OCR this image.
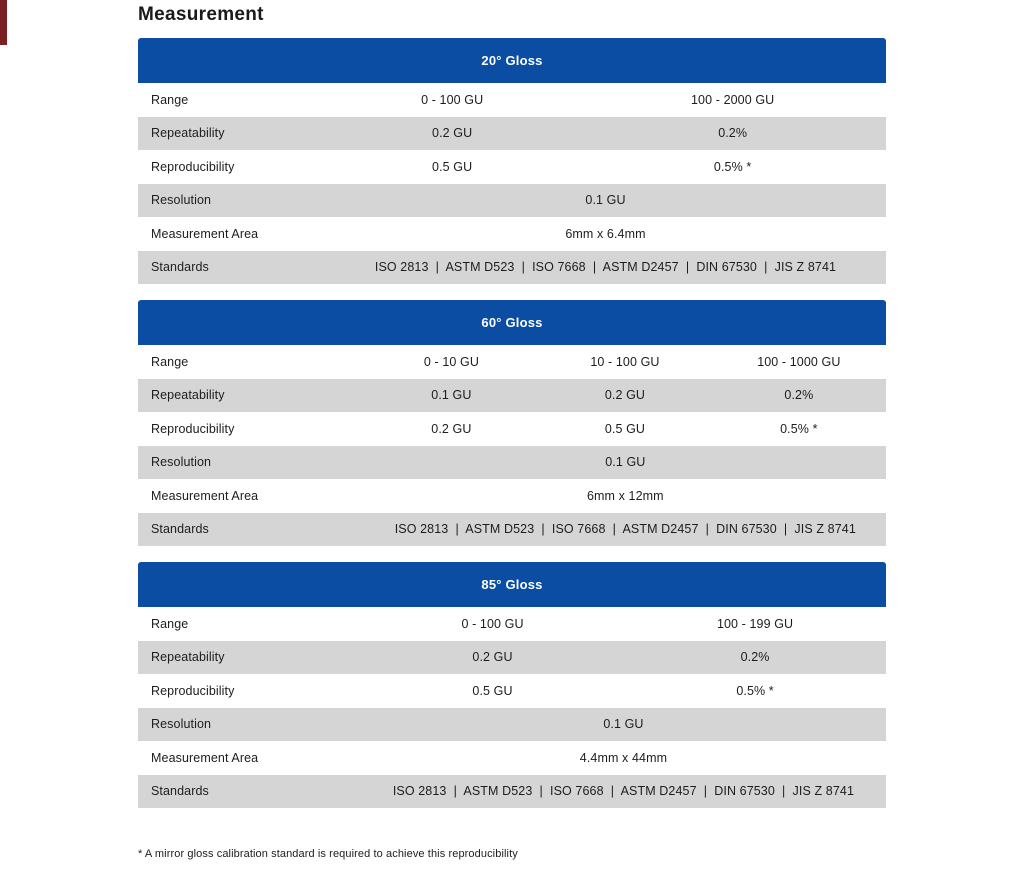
Measurement
20° Gloss
Range	0 - 100 GU	100 - 2000 GU
Repeatability	0.2 GU	0.2%
Reproducibility	0.5 GU	0.5% *
Resolution	0.1 GU
Measurement Area	6mm x 6.4mm
Standards	ISO 2813  |  ASTM D523  |  ISO 7668  |  ASTM D2457  |  DIN 67530  |  JIS Z 8741
60° Gloss
Range	0 - 10 GU	10 - 100 GU	100 - 1000 GU
Repeatability	0.1 GU	0.2 GU	0.2%
Reproducibility	0.2 GU	0.5 GU	0.5% *
Resolution	0.1 GU
Measurement Area	6mm x 12mm
Standards	ISO 2813  |  ASTM D523  |  ISO 7668  |  ASTM D2457  |  DIN 67530  |  JIS Z 8741
85° Gloss
Range	0 - 100 GU	100 - 199 GU
Repeatability	0.2 GU	0.2%
Reproducibility	0.5 GU	0.5% *
Resolution	0.1 GU
Measurement Area	4.4mm x 44mm
Standards	ISO 2813  |  ASTM D523  |  ISO 7668  |  ASTM D2457  |  DIN 67530  |  JIS Z 8741
* A mirror gloss calibration standard is required to achieve this reproducibility
